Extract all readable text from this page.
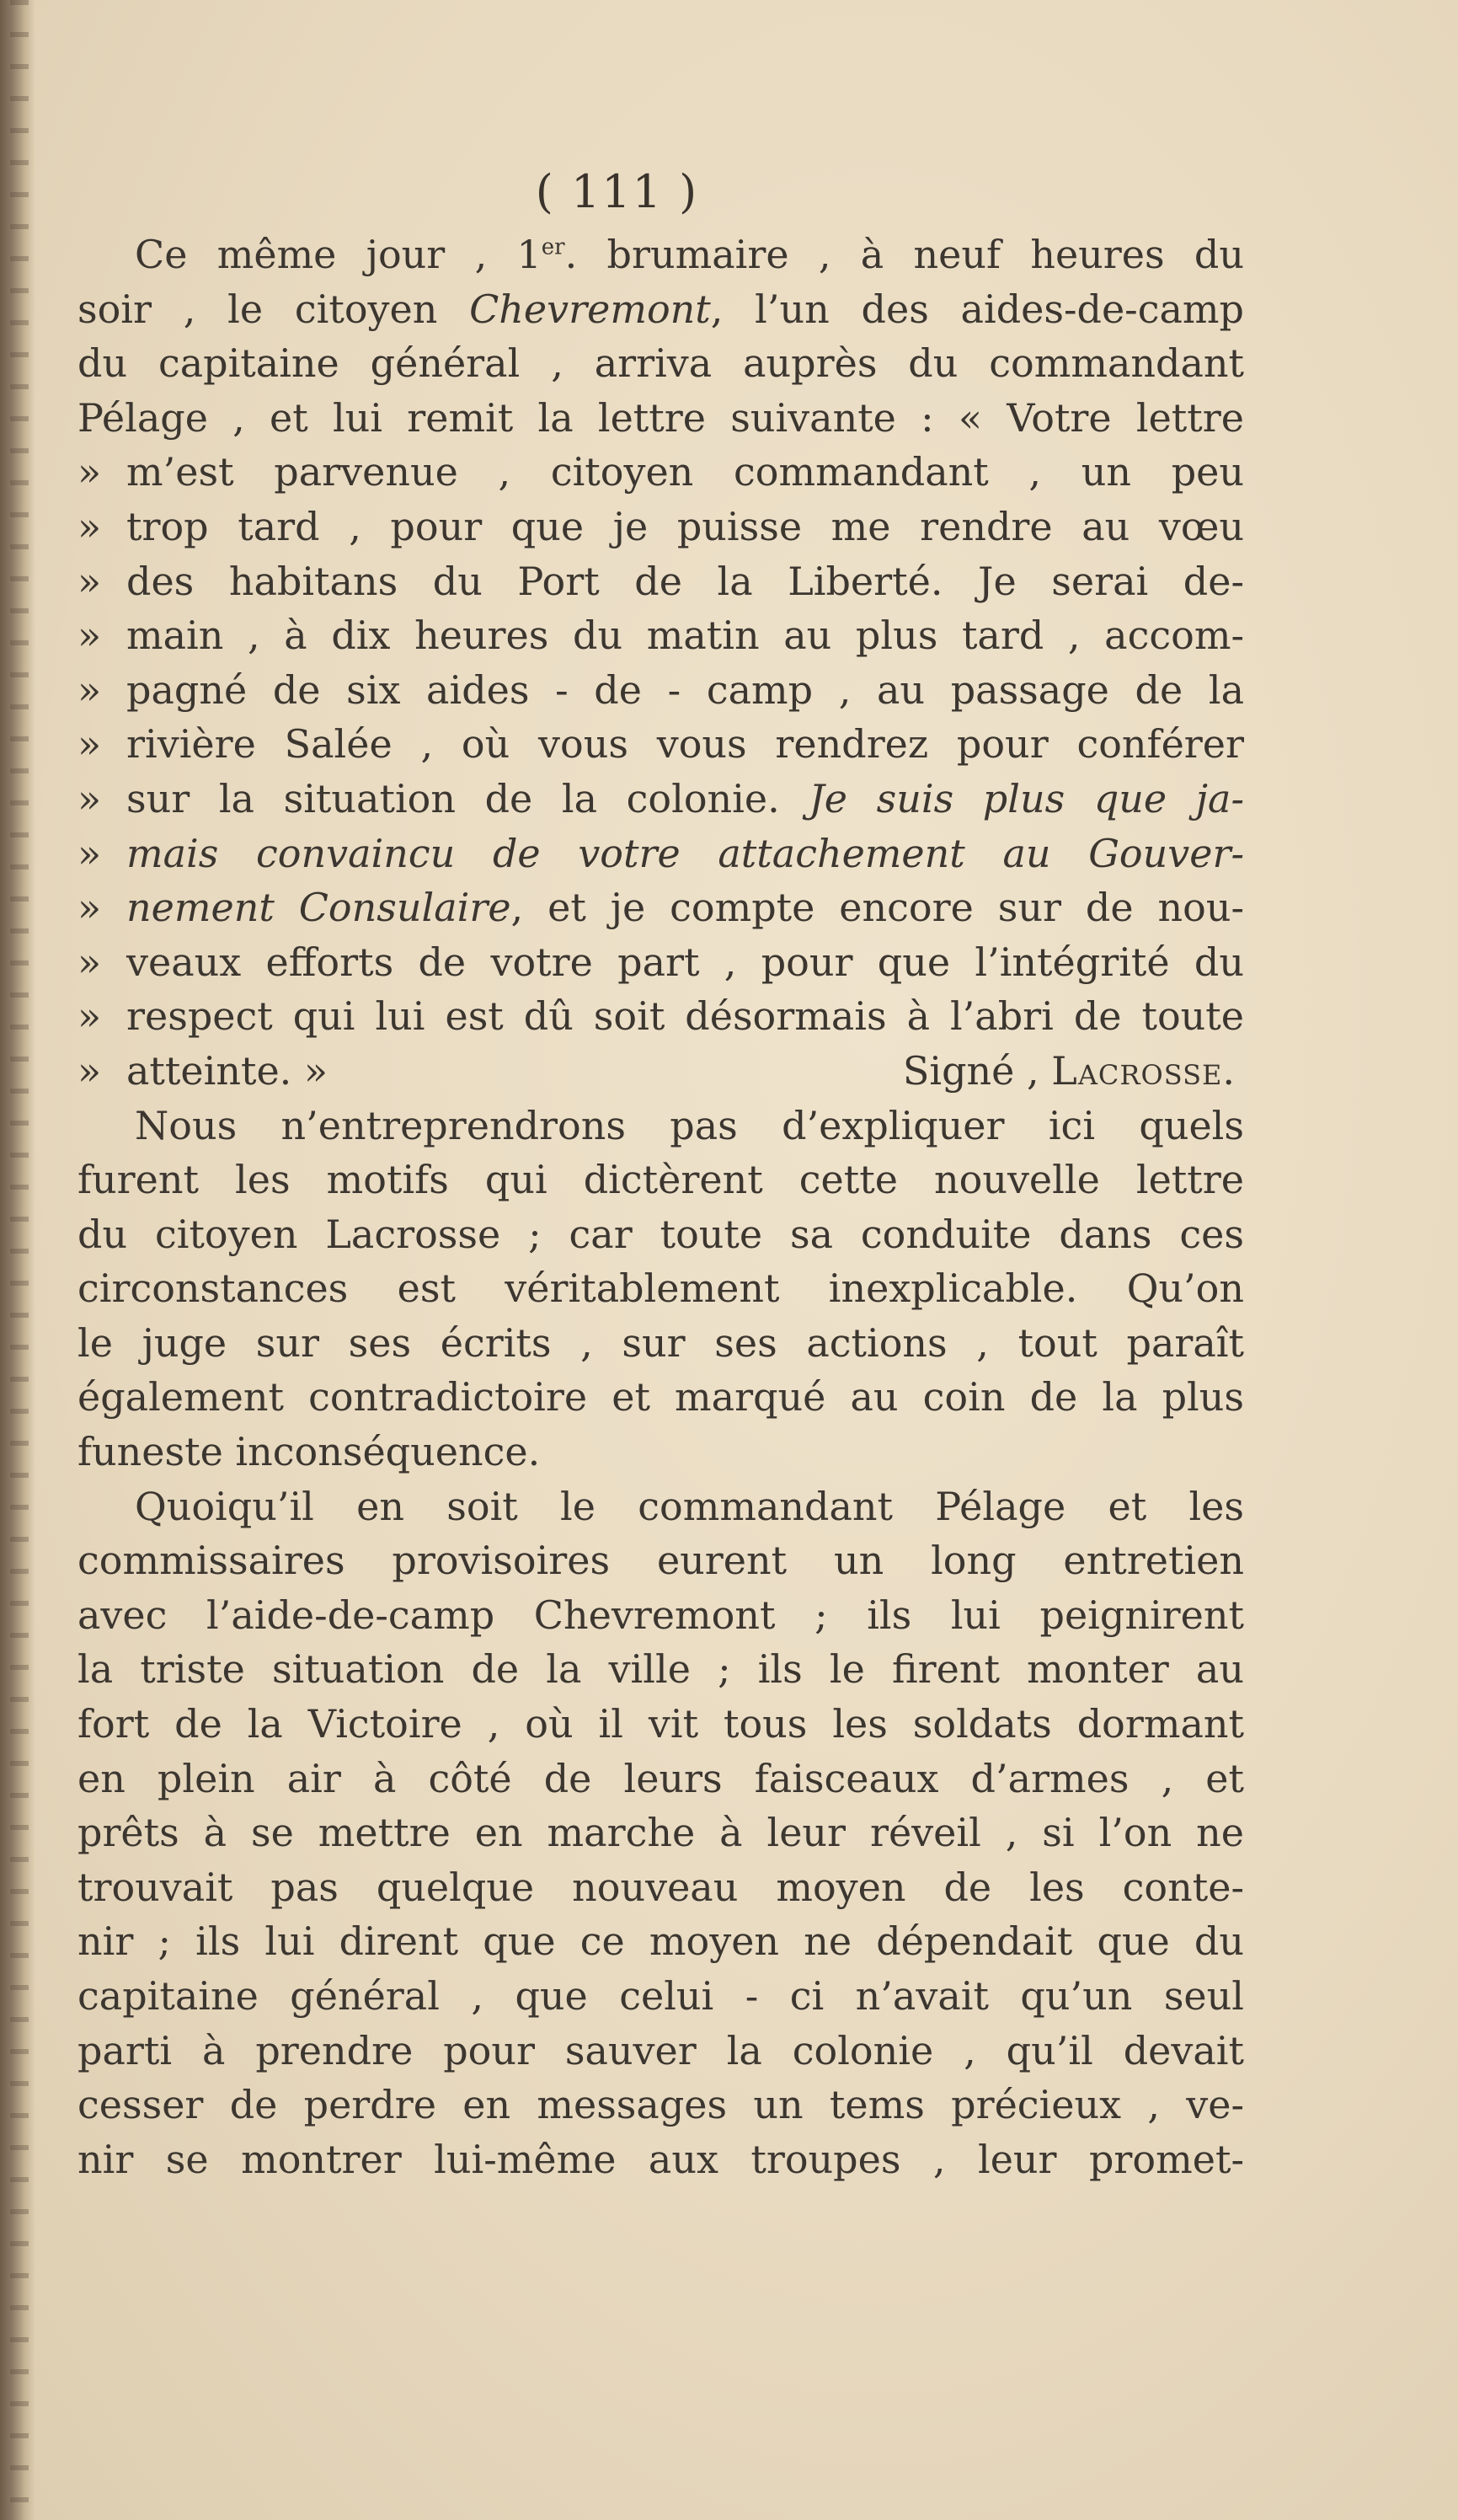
( 111 )
Ce même jour , 1er. brumaire , à neuf heures du
soir , le citoyen Chevremont, l’un des aides-de-camp
du capitaine général , arriva auprès du commandant
Pélage , et lui remit la lettre suivante : « Votre lettre
» m’est parvenue , citoyen commandant , un peu
» trop tard , pour que je puisse me rendre au vœu
» des habitans du Port de la Liberté. Je serai de-
» main , à dix heures du matin au plus tard , accom-
» pagné de six aides - de - camp , au passage de la
» rivière Salée , où vous vous rendrez pour conférer
» sur la situation de la colonie. Je suis plus que ja-
» mais convaincu de votre attachement au Gouver-
» nement Consulaire, et je compte encore sur de nou-
» veaux efforts de votre part , pour que l’intégrité du
» respect qui lui est dû soit désormais à l’abri de toute
» atteinte. »	Signé , Lacrosse.
Nous n’entreprendrons pas d’expliquer ici quels
furent les motifs qui dictèrent cette nouvelle lettre
du citoyen Lacrosse ; car toute sa conduite dans ces
circonstances est véritablement inexplicable. Qu’on
le juge sur ses écrits , sur ses actions , tout paraît
également contradictoire et marqué au coin de la plus
funeste inconséquence.
Quoiqu’il en soit le commandant Pélage et les
commissaires provisoires eurent un long entretien
avec l’aide-de-camp Chevremont ; ils lui peignirent
la triste situation de la ville ; ils le firent monter au
fort de la Victoire , où il vit tous les soldats dormant
en plein air à côté de leurs faisceaux d’armes , et
prêts à se mettre en marche à leur réveil , si l’on ne
trouvait pas quelque nouveau moyen de les conte-
nir ; ils lui dirent que ce moyen ne dépendait que du
capitaine général , que celui - ci n’avait qu’un seul
parti à prendre pour sauver la colonie , qu’il devait
cesser de perdre en messages un tems précieux , ve-
nir se montrer lui-même aux troupes , leur promet-
